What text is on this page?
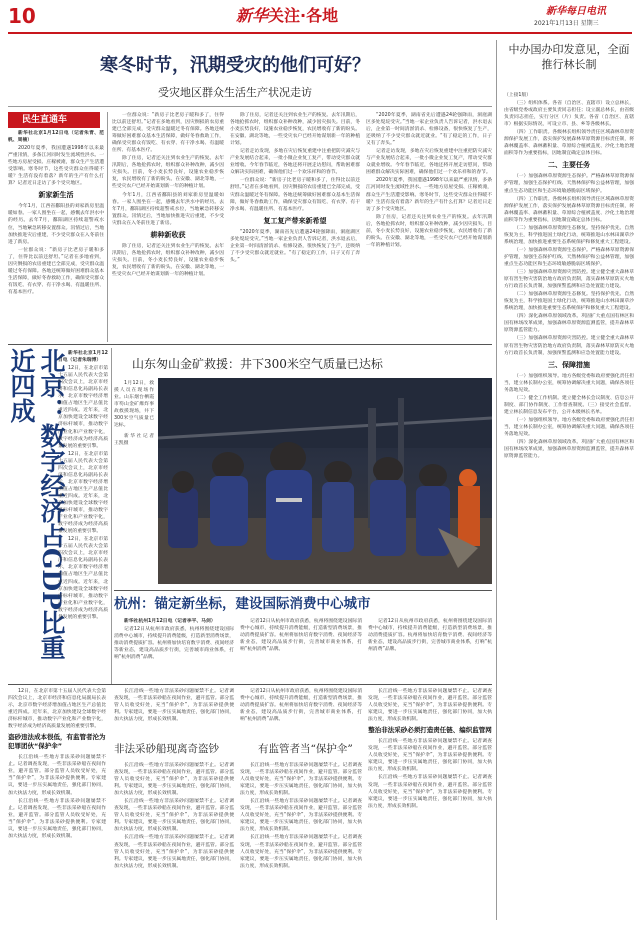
10	新华关注·各地	新华每日电讯
2021年1月13日 星期三
寒冬时节，汛期受灾的他们可好？
受灾地区群众生活生产状况走访
民生直通车

新华社北京1月12日电（记者朱青、范帆、周楠）

2020年夏季，我国遭遇1998年以来最严重汛情，多条江河同时发生流域性洪水。一些地方房屋受损、庄稼被淹，群众生产生活遭受影响。寒冬时节，这些受灾群众住得暖不暖？生活有没有着落？新年的生产有什么打算？记者近日走访了多个受灾地区。

新家新生活

今年1月，江西省鄱阳县的刘家新房里温暖如春。一家人围坐在一起，感慨去年洪水中的经历。去年7月，鄱阳湖区持续超警戒水位，当地紧急转移安置群众。汛情过后，当地加快推进灾后重建，不少受灾群众在入冬前住进了新房。

一位群众说：“新房子比老房子暖和多了，住得比以前还舒坦。”记者在多地看到，因灾倒损的农房重建已全部完成，受灾群众温暖过冬有保障。各地还统筹做好困难群众基本生活保障，做好冬春救助工作，确保受灾群众有饭吃、有衣穿、有干净水喝、有温暖住所、有基本医疗。

一位群众说：“新房子比老房子暖和多了，住得比以前还舒坦。”记者在多地看到，因灾倒损的农房重建已全部完成，受灾群众温暖过冬有保障。各地还统筹做好困难群众基本生活保障，做好冬春救助工作，确保受灾群众有饭吃、有衣穿、有干净水喝、有温暖住所、有基本医疗。

除了住房，记者还关注到农业生产的恢复。去年汛期后，各地抢抓农时，组织群众补种改种，减少因灾损失。目前，冬小麦长势良好，设施农业稳步恢复，农民增收有了新的盼头。在安徽、湖北等地，一些受灾农户已经开始谋划新一年的种植计划。

今年1月，江西省鄱阳县的刘家新房里温暖如春。一家人围坐在一起，感慨去年洪水中的经历。去年7月，鄱阳湖区持续超警戒水位，当地紧急转移安置群众。汛情过后，当地加快推进灾后重建，不少受灾群众在入冬前住进了新房。

耕种新收获

除了住房，记者还关注到农业生产的恢复。去年汛期后，各地抢抓农时，组织群众补种改种，减少因灾损失。目前，冬小麦长势良好，设施农业稳步恢复，农民增收有了新的盼头。在安徽、湖北等地，一些受灾农户已经开始谋划新一年的种植计划。

除了住房，记者还关注到农业生产的恢复。去年汛期后，各地抢抓农时，组织群众补种改种，减少因灾损失。目前，冬小麦长势良好，设施农业稳步恢复，农民增收有了新的盼头。在安徽、湖北等地，一些受灾农户已经开始谋划新一年的种植计划。

记者走访发现，多地在灾后恢复重建中注重把防灾减灾与产业发展结合起来，一批小微企业复工复产，带动受灾群众就业增收。今年春节临近，各地还将开展走访慰问，帮助困难群众解决实际困难，确保他们过一个欢乐祥和的春节。

一位群众说：“新房子比老房子暖和多了，住得比以前还舒坦。”记者在多地看到，因灾倒损的农房重建已全部完成，受灾群众温暖过冬有保障。各地还统筹做好困难群众基本生活保障，做好冬春救助工作，确保受灾群众有饭吃、有衣穿、有干净水喝、有温暖住所、有基本医疗。

复工复产带来新希望

“2020年夏季，湖南省先后遭遇24轮强降雨，洞庭湖区多处堤垸受灾。”当地一家企业负责人告诉记者，洪水退去后，企业第一时间清淤消杀、检修设备，很快恢复了生产，还吸纳了不少受灾群众就近就业。“有了稳定的工作，日子又有了奔头。”

“2020年夏季，湖南省先后遭遇24轮强降雨，洞庭湖区多处堤垸受灾。”当地一家企业负责人告诉记者，洪水退去后，企业第一时间清淤消杀、检修设备，很快恢复了生产，还吸纳了不少受灾群众就近就业。“有了稳定的工作，日子又有了奔头。”

记者走访发现，多地在灾后恢复重建中注重把防灾减灾与产业发展结合起来，一批小微企业复工复产，带动受灾群众就业增收。今年春节临近，各地还将开展走访慰问，帮助困难群众解决实际困难，确保他们过一个欢乐祥和的春节。

2020年夏季，我国遭遇1998年以来最严重汛情，多条江河同时发生流域性洪水。一些地方房屋受损、庄稼被淹，群众生产生活遭受影响。寒冬时节，这些受灾群众住得暖不暖？生活有没有着落？新年的生产有什么打算？记者近日走访了多个受灾地区。

除了住房，记者还关注到农业生产的恢复。去年汛期后，各地抢抓农时，组织群众补种改种，减少因灾损失。目前，冬小麦长势良好，设施农业稳步恢复，农民增收有了新的盼头。在安徽、湖北等地，一些受灾农户已经开始谋划新一年的种植计划。

北京：数字经济占GDP比重近四成	新华社北京1月12日电（记者朱瑞博）

12日，在北京市第十五届人民代表大会第四次会议上，北京市经济和信息化局副局长表示，北京市数字经济增加值占地区生产总值比重近四成。近年来，北京加快建设全球数字经济标杆城市，推动数字产业化和产业数字化，数字经济成为经济高质量发展的重要引擎。

12日，在北京市第十五届人民代表大会第四次会议上，北京市经济和信息化局副局长表示，北京市数字经济增加值占地区生产总值比重近四成。近年来，北京加快建设全球数字经济标杆城市，推动数字产业化和产业数字化，数字经济成为经济高质量发展的重要引擎。

12日，在北京市第十五届人民代表大会第四次会议上，北京市经济和信息化局副局长表示，北京市数字经济增加值占地区生产总值比重近四成。近年来，北京加快建设全球数字经济标杆城市，推动数字产业化和产业数字化，数字经济成为经济高质量发展的重要引擎。

山东匆山金矿救援：井下300米空气质量已达标

1月12日，救援人员在现场作业。山东烟台栖霞市笏山金矿爆炸事故救援现场，井下300米空气质量已达标。

新华社记者 王凯摄

杭州：锚定新坐标，建设国际消费中心城市

新华社杭州1月12日电（记者李平、马剑）

记者12日从杭州市政府获悉，杭州将围绕建设国际消费中心城市，持续提升消费能级，打造新型消费场景，推动消费提质扩容。杭州将加快培育数字消费、夜间经济等新业态，建设高品质步行街，完善城市商业体系，打响“杭州消费”品牌。

记者12日从杭州市政府获悉，杭州将围绕建设国际消费中心城市，持续提升消费能级，打造新型消费场景，推动消费提质扩容。杭州将加快培育数字消费、夜间经济等新业态，建设高品质步行街，完善城市商业体系，打响“杭州消费”品牌。

记者12日从杭州市政府获悉，杭州将围绕建设国际消费中心城市，持续提升消费能级，打造新型消费场景，推动消费提质扩容。杭州将加快培育数字消费、夜间经济等新业态，建设高品质步行街，完善城市商业体系，打响“杭州消费”品牌。

12日，在北京市第十五届人民代表大会第四次会议上，北京市经济和信息化局副局长表示，北京市数字经济增加值占地区生产总值比重近四成。近年来，北京加快建设全球数字经济标杆城市，推动数字产业化和产业数字化，数字经济成为经济高质量发展的重要引擎。

盗砂违法成本很低，有监管者沦为犯罪团伙“保护伞”

长江沿线一些地方非法采砂问题屡禁不止。记者调查发现，一些非法采砂船在夜间作业，避开监管。部分监管人员收受好处，充当“保护伞”，为非法采砂提供便利。专家建议，要进一步压实属地责任，强化部门协同，加大执法力度，形成长效机制。

长江沿线一些地方非法采砂问题屡禁不止。记者调查发现，一些非法采砂船在夜间作业，避开监管。部分监管人员收受好处，充当“保护伞”，为非法采砂提供便利。专家建议，要进一步压实属地责任，强化部门协同，加大执法力度，形成长效机制。

非法采砂船现离奇盗钞	有监管者当“保护伞”

长江沿线一些地方非法采砂问题屡禁不止。记者调查发现，一些非法采砂船在夜间作业，避开监管。部分监管人员收受好处，充当“保护伞”，为非法采砂提供便利。专家建议，要进一步压实属地责任，强化部门协同，加大执法力度，形成长效机制。

记者12日从杭州市政府获悉，杭州将围绕建设国际消费中心城市，持续提升消费能级，打造新型消费场景，推动消费提质扩容。杭州将加快培育数字消费、夜间经济等新业态，建设高品质步行街，完善城市商业体系，打响“杭州消费”品牌。

长江沿线一些地方非法采砂问题屡禁不止。记者调查发现，一些非法采砂船在夜间作业，避开监管。部分监管人员收受好处，充当“保护伞”，为非法采砂提供便利。专家建议，要进一步压实属地责任，强化部门协同，加大执法力度，形成长效机制。

整治非法采砂必须打造责任链、编织监管网

长江沿线一些地方非法采砂问题屡禁不止。记者调查发现，一些非法采砂船在夜间作业，避开监管。部分监管人员收受好处，充当“保护伞”，为非法采砂提供便利。专家建议，要进一步压实属地责任，强化部门协同，加大执法力度，形成长效机制。

长江沿线一些地方非法采砂问题屡禁不止。记者调查发现，一些非法采砂船在夜间作业，避开监管。部分监管人员收受好处，充当“保护伞”，为非法采砂提供便利。专家建议，要进一步压实属地责任，强化部门协同，加大执法力度，形成长效机制。

长江沿线一些地方非法采砂问题屡禁不止。记者调查发现，一些非法采砂船在夜间作业，避开监管。部分监管人员收受好处，充当“保护伞”，为非法采砂提供便利。专家建议，要进一步压实属地责任，强化部门协同，加大执法力度，形成长效机制。

长江沿线一些地方非法采砂问题屡禁不止。记者调查发现，一些非法采砂船在夜间作业，避开监管。部分监管人员收受好处，充当“保护伞”，为非法采砂提供便利。专家建议，要进一步压实属地责任，强化部门协同，加大执法力度，形成长效机制。

长江沿线一些地方非法采砂问题屡禁不止。记者调查发现，一些非法采砂船在夜间作业，避开监管。部分监管人员收受好处，充当“保护伞”，为非法采砂提供便利。专家建议，要进一步压实属地责任，强化部门协同，加大执法力度，形成长效机制。

长江沿线一些地方非法采砂问题屡禁不止。记者调查发现，一些非法采砂船在夜间作业，避开监管。部分监管人员收受好处，充当“保护伞”，为非法采砂提供便利。专家建议，要进一步压实属地责任，强化部门协同，加大执法力度，形成长效机制。

长江沿线一些地方非法采砂问题屡禁不止。记者调查发现，一些非法采砂船在夜间作业，避开监管。部分监管人员收受好处，充当“保护伞”，为非法采砂提供便利。专家建议，要进一步压实属地责任，强化部门协同，加大执法力度，形成长效机制。

长江沿线一些地方非法采砂问题屡禁不止。记者调查发现，一些非法采砂船在夜间作业，避开监管。部分监管人员收受好处，充当“保护伞”，为非法采砂提供便利。专家建议，要进一步压实属地责任，强化部门协同，加大执法力度，形成长效机制。

中办国办印发意见，全面推行林长制

（上接1版）

（三）组织体系。各省（自治区、直辖市）设立总林长，由省级党委或政府主要负责同志担任；设立副总林长，由省级负责同志担任，实行分区（片）负责。各省（自治区、直辖市）根据实际情况，可设立市、县、乡等各级林长。

（四）工作职责。各级林长组织领导责任区域森林草原资源保护发展工作，落实保护发展森林草原资源目标责任制，将森林覆盖率、森林蓄积量、草原综合植被盖度、沙化土地治理面积等作为重要指标，因地制宜确定总体目标。

二、主要任务

（一）加强森林草原资源生态保护。严格森林草原资源保护管理，加强生态保护红线、天然林保护和公益林管理，加强重点生态功能区和生态环境敏感脆弱区域保护。

（四）工作职责。各级林长组织领导责任区域森林草原资源保护发展工作，落实保护发展森林草原资源目标责任制，将森林覆盖率、森林蓄积量、草原综合植被盖度、沙化土地治理面积等作为重要指标，因地制宜确定总体目标。

（二）加强森林草原资源生态修复。坚持保护优先、自然恢复为主，科学推进国土绿化行动，统筹推进山水林田湖草沙系统治理，加快推进重要生态系统保护和修复重大工程建设。

（一）加强森林草原资源生态保护。严格森林草原资源保护管理，加强生态保护红线、天然林保护和公益林管理，加强重点生态功能区和生态环境敏感脆弱区域保护。

（三）加强森林草原资源灾害防控。建立健全重大森林草原有害生物灾害防治地方政府负责制，落实森林草原防灭火地方行政首长负责制，加强预警监测和应急处置能力建设。

（二）加强森林草原资源生态修复。坚持保护优先、自然恢复为主，科学推进国土绿化行动，统筹推进山水林田湖草沙系统治理，加快推进重要生态系统保护和修复重大工程建设。

（四）深化森林草原领域改革。巩固扩大重点国有林区和国有林场改革成果，加强森林草原资源监测监管，提升森林草原资源监管能力。

（三）加强森林草原资源灾害防控。建立健全重大森林草原有害生物灾害防治地方政府负责制，落实森林草原防灭火地方行政首长负责制，加强预警监测和应急处置能力建设。

三、保障措施

（一）加强组织领导。地方各级党委和政府要强化责任担当，建立林长制办公室，统筹协调解决重大问题，确保各项任务落地见效。

（二）健全工作机制。建立健全林长会议制度、信息公开制度、部门协作制度、工作督查制度。（三）接受社会监督。建立林长制信息发布平台，公开本级林长名单。

（一）加强组织领导。地方各级党委和政府要强化责任担当，建立林长制办公室，统筹协调解决重大问题，确保各项任务落地见效。

（四）深化森林草原领域改革。巩固扩大重点国有林区和国有林场改革成果，加强森林草原资源监测监管，提升森林草原资源监管能力。
